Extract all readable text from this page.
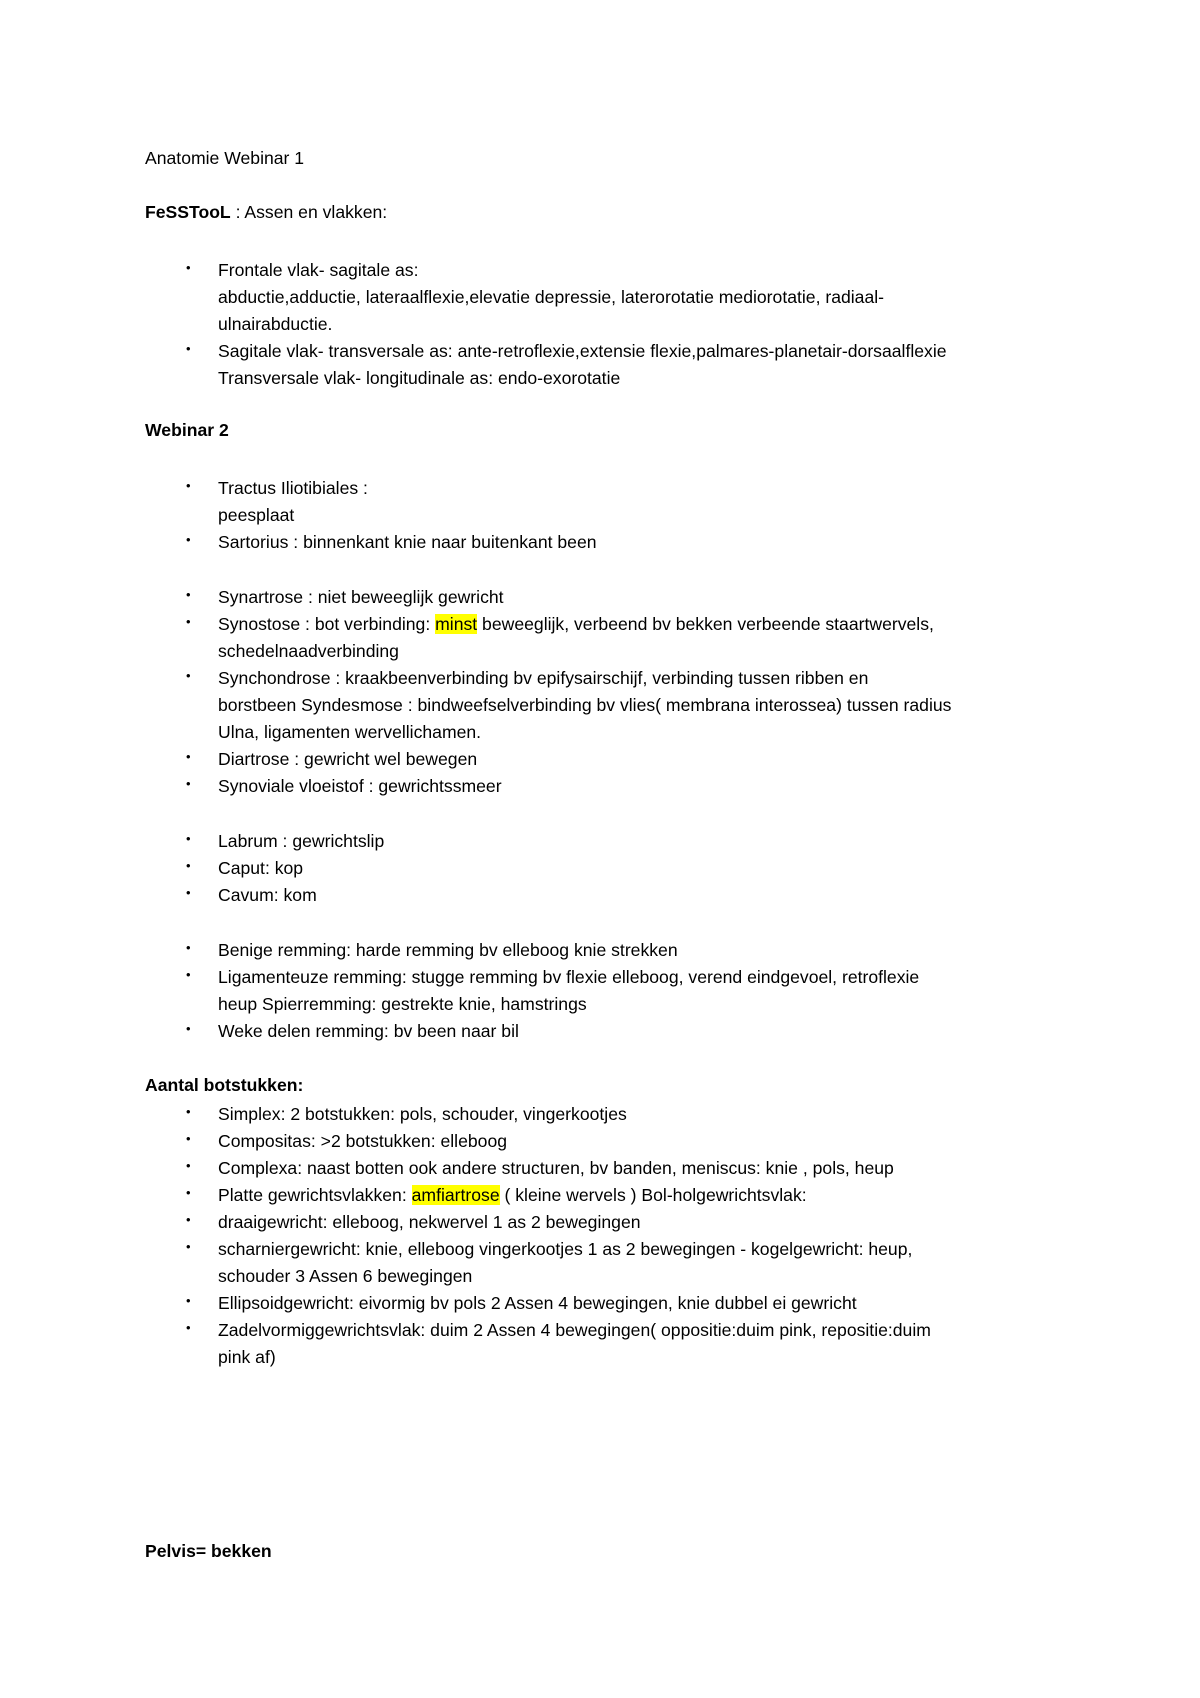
Anatomie Webinar 1
FeSSTooL : Assen en vlakken:
• Frontale vlak- sagitale as:
abductie,adductie, lateraalflexie,elevatie depressie, laterorotatie mediorotatie, radiaal-
ulnairabductie.
• Sagitale vlak- transversale as: ante-retroflexie,extensie flexie,palmares-planetair-dorsaalflexie
Transversale vlak- longitudinale as: endo-exorotatie
Webinar 2
• Tractus Iliotibiales :
peesplaat
• Sartorius : binnenkant knie naar buitenkant been
• Synartrose : niet beweeglijk gewricht
• Synostose : bot verbinding: minst beweeglijk, verbeend bv bekken verbeende staartwervels,
schedelnaadverbinding
• Synchondrose : kraakbeenverbinding bv epifysairschijf, verbinding tussen ribben en
borstbeen Syndesmose : bindweefselverbinding bv vlies( membrana interossea) tussen radius
Ulna, ligamenten wervellichamen.
• Diartrose : gewricht wel bewegen
• Synoviale vloeistof : gewrichtssmeer
• Labrum : gewrichtslip
• Caput: kop
• Cavum: kom
• Benige remming: harde remming bv elleboog knie strekken
• Ligamenteuze remming: stugge remming bv flexie elleboog, verend eindgevoel, retroflexie
heup Spierremming: gestrekte knie, hamstrings
• Weke delen remming: bv been naar bil
Aantal botstukken:
• Simplex: 2 botstukken: pols, schouder, vingerkootjes
• Compositas: >2 botstukken: elleboog
• Complexa: naast botten ook andere structuren, bv banden, meniscus: knie , pols, heup
• Platte gewrichtsvlakken: amfiartrose ( kleine wervels ) Bol-holgewrichtsvlak:
• draaigewricht: elleboog, nekwervel 1 as 2 bewegingen
• scharniergewricht: knie, elleboog vingerkootjes 1 as 2 bewegingen - kogelgewricht: heup,
schouder 3 Assen 6 bewegingen
• Ellipsoidgewricht: eivormig bv pols 2 Assen 4 bewegingen, knie dubbel ei gewricht
• Zadelvormiggewrichtsvlak: duim 2 Assen 4 bewegingen( oppositie:duim pink, repositie:duim
pink af)
Pelvis= bekken
